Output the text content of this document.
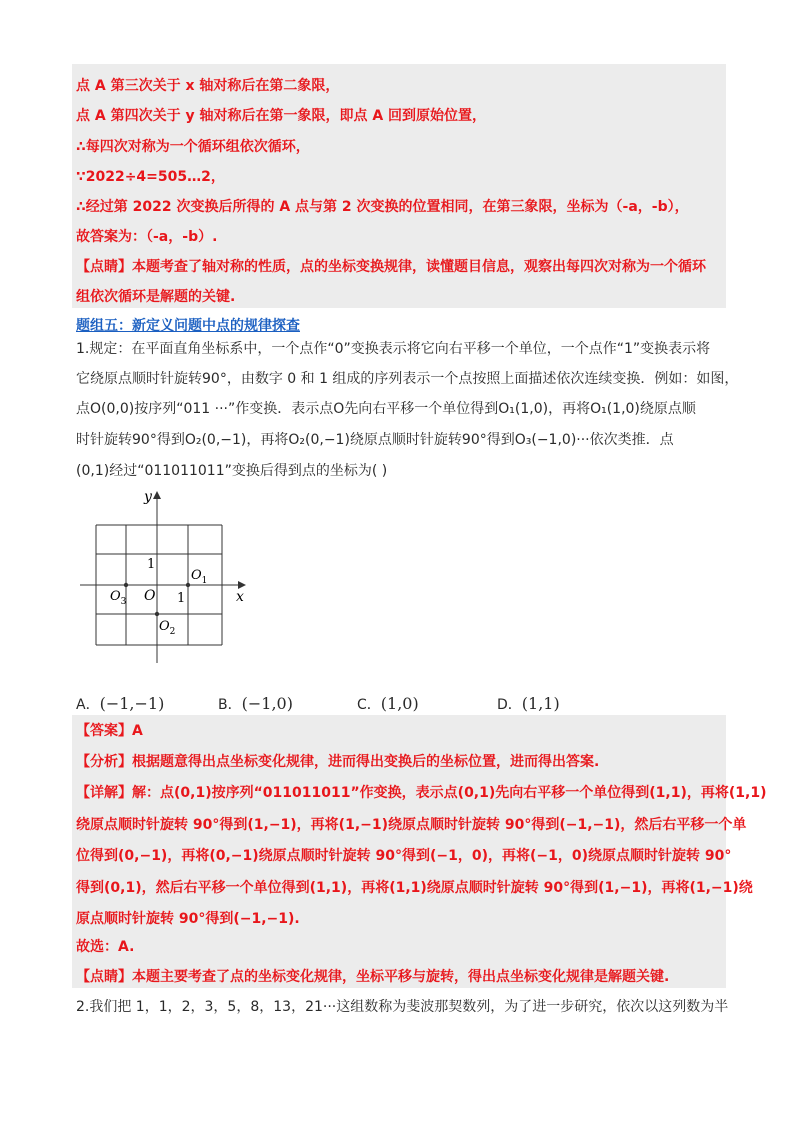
点 A 第三次关于 x 轴对称后在第二象限，
点 A 第四次关于 y 轴对称后在第一象限，即点 A 回到原始位置，
∴每四次对称为一个循环组依次循环，
∵2022÷4=505…2，
∴经过第 2022 次变换后所得的 A 点与第 2 次变换的位置相同，在第三象限，坐标为（-a，-b），
故答案为：（-a，-b）.
【点睛】本题考查了轴对称的性质，点的坐标变换规律，读懂题目信息，观察出每四次对称为一个循环
组依次循环是解题的关键.
题组五：新定义问题中点的规律探查
1.规定：在平面直角坐标系中，一个点作“0”变换表示将它向右平移一个单位，一个点作“1”变换表示将
它绕原点顺时针旋转90°，由数字 0 和 1 组成的序列表示一个点按照上面描述依次连续变换．例如：如图，
点O(0,0)按序列“011 ···”作变换．表示点O先向右平移一个单位得到O₁(1,0)，再将O₁(1,0)绕原点顺
时针旋转90°得到O₂(0,−1)，再将O₂(0,−1)绕原点顺时针旋转90°得到O₃(−1,0)···依次类推．点
(0,1)经过“011011011”变换后得到点的坐标为( )
x
y
O 1
1
$O_1$
$O_2$
$O_3$
A．(−1,−1)	B．(−1,0)	C．(1,0)	D．(1,1)
【答案】A
【分析】根据题意得出点坐标变化规律，进而得出变换后的坐标位置，进而得出答案.
【详解】解：点(0,1)按序列“011011011”作变换，表示点(0,1)先向右平移一个单位得到(1,1)，再将(1,1)
绕原点顺时针旋转 90°得到(1,−1)，再将(1,−1)绕原点顺时针旋转 90°得到(−1,−1)，然后右平移一个单
位得到(0,−1)，再将(0,−1)绕原点顺时针旋转 90°得到(−1，0)，再将(−1，0)绕原点顺时针旋转 90°
得到(0,1)，然后右平移一个单位得到(1,1)，再将(1,1)绕原点顺时针旋转 90°得到(1,−1)，再将(1,−1)绕
原点顺时针旋转 90°得到(−1,−1).
故选：A.
【点睛】本题主要考查了点的坐标变化规律，坐标平移与旋转，得出点坐标变化规律是解题关键.
2.我们把 1，1，2，3，5，8，13，21···这组数称为斐波那契数列，为了进一步研究，依次以这列数为半
